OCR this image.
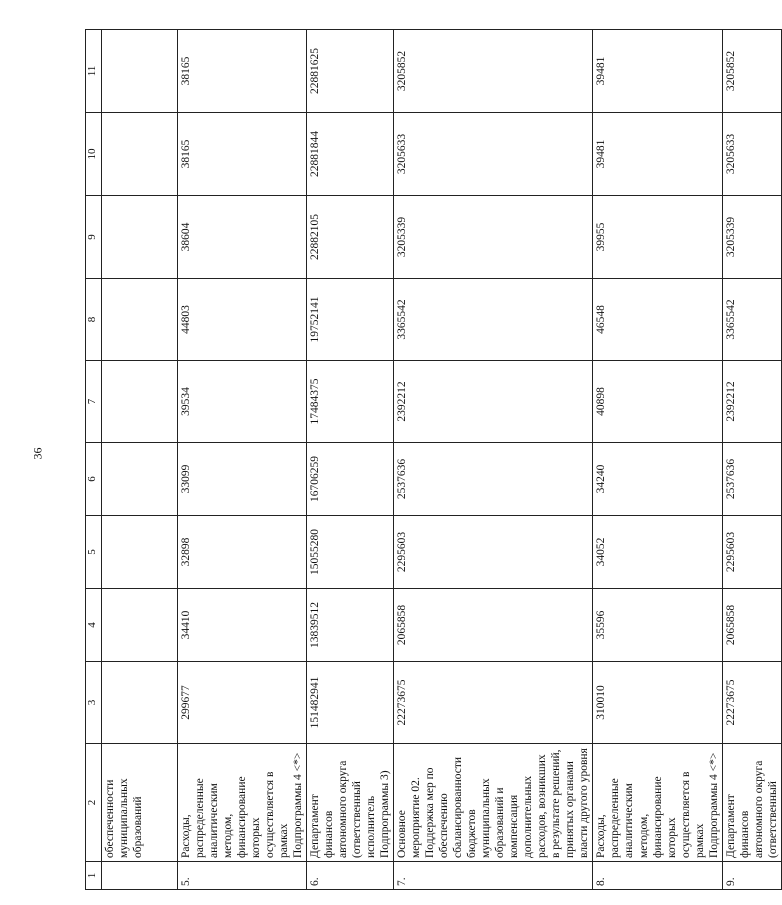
36
1	2	3	4	5	6	7	8	9	10	11
	обеспеченности муниципальных образований									
5.	Расходы, распределенные аналитическим методом, финансирование которых осуществляется в рамках Подпрограммы 4 <*>	299677	34410	32898	33099	39534	44803	38604	38165	38165
6.	Департамент финансов автономного округа (ответственный исполнитель Подпрограммы 3)	151482941	13839512	15055280	16706259	17484375	19752141	22882105	22881844	22881625
7.	Основное мероприятие 02. Поддержка мер по обеспечению сбалансированности бюджетов муниципальных образований и компенсация дополнительных расходов, возникших в результате решений, принятых органами власти другого уровня	22273675	2065858	2295603	2537636	2392212	3365542	3205339	3205633	3205852
8.	Расходы, распределенные аналитическим методом, финансирование которых осуществляется в рамках Подпрограммы 4 <*>	310010	35596	34052	34240	40898	46548	39955	39481	39481
9.	Департамент финансов автономного округа (ответственный	22273675	2065858	2295603	2537636	2392212	3365542	3205339	3205633	3205852
